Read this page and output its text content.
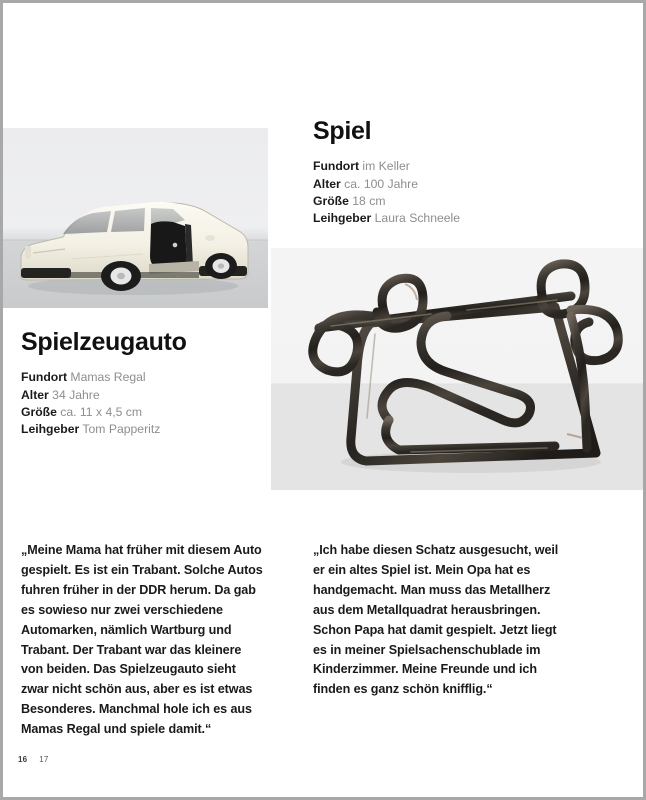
Spielzeugauto
Fundort Mamas Regal
Alter 34 Jahre
Größe ca. 11 x 4,5 cm
Leihgeber Tom Papperitz
Spiel
Fundort im Keller
Alter ca. 100 Jahre
Größe 18 cm
Leihgeber Laura Schneele

„Meine Mama hat früher mit diesem Auto gespielt. Es ist ein Trabant. Solche Autos fuhren früher in der DDR herum. Da gab es sowieso nur zwei verschiedene Automarken, nämlich Wartburg und Trabant. Der Trabant war das kleinere von beiden. Das Spielzeugauto sieht zwar nicht schön aus, aber es ist etwas Besonderes. Manchmal hole ich es aus Mamas Regal und spiele damit.“

„Ich habe diesen Schatz ausgesucht, weil er ein altes Spiel ist. Mein Opa hat es handgemacht. Man muss das Metallherz aus dem Metallquadrat herausbringen. Schon Papa hat damit gespielt. Jetzt liegt es in meiner Spielsachenschublade im Kinderzimmer. Meine Freunde und ich finden es ganz schön knifflig.“

16 17
